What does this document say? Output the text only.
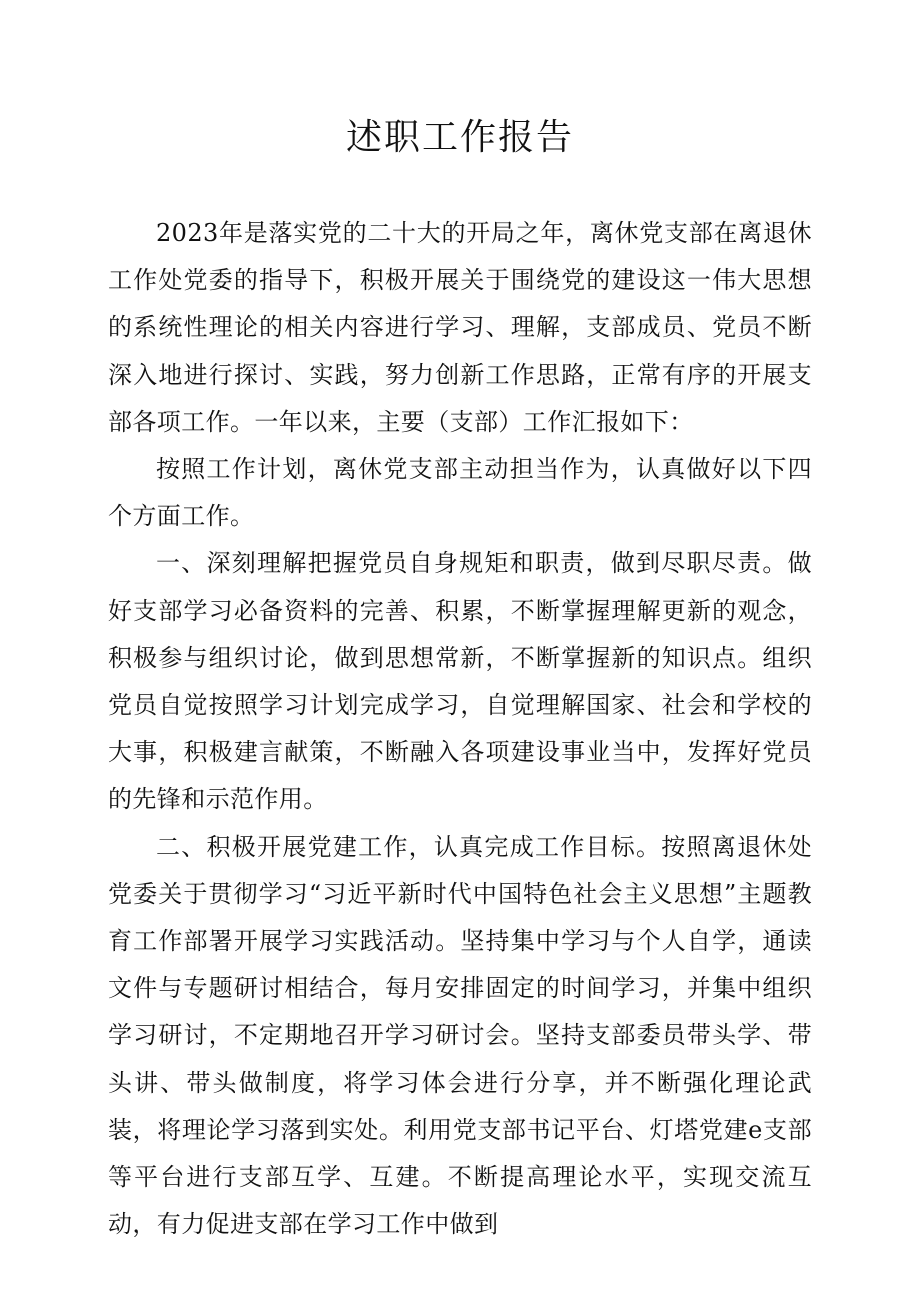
述职工作报告

2023年是落实党的二十大的开局之年，离休党支部在离退休工作处党委的指导下，积极开展关于围绕党的建设这一伟大思想的系统性理论的相关内容进行学习、理解，支部成员、党员不断深入地进行探讨、实践，努力创新工作思路，正常有序的开展支部各项工作。一年以来，主要（支部）工作汇报如下：

按照工作计划，离休党支部主动担当作为，认真做好以下四个方面工作。

一、深刻理解把握党员自身规矩和职责，做到尽职尽责。做好支部学习必备资料的完善、积累，不断掌握理解更新的观念，积极参与组织讨论，做到思想常新，不断掌握新的知识点。组织党员自觉按照学习计划完成学习，自觉理解国家、社会和学校的大事，积极建言献策，不断融入各项建设事业当中，发挥好党员的先锋和示范作用。

二、积极开展党建工作，认真完成工作目标。按照离退休处党委关于贯彻学习“习近平新时代中国特色社会主义思想”主题教育工作部署开展学习实践活动。坚持集中学习与个人自学，通读文件与专题研讨相结合，每月安排固定的时间学习，并集中组织学习研讨，不定期地召开学习研讨会。坚持支部委员带头学、带头讲、带头做制度，将学习体会进行分享，并不断强化理论武装，将理论学习落到实处。利用党支部书记平台、灯塔党建e支部等平台进行支部互学、互建。不断提高理论水平，实现交流互动，有力促进支部在学习工作中做到
